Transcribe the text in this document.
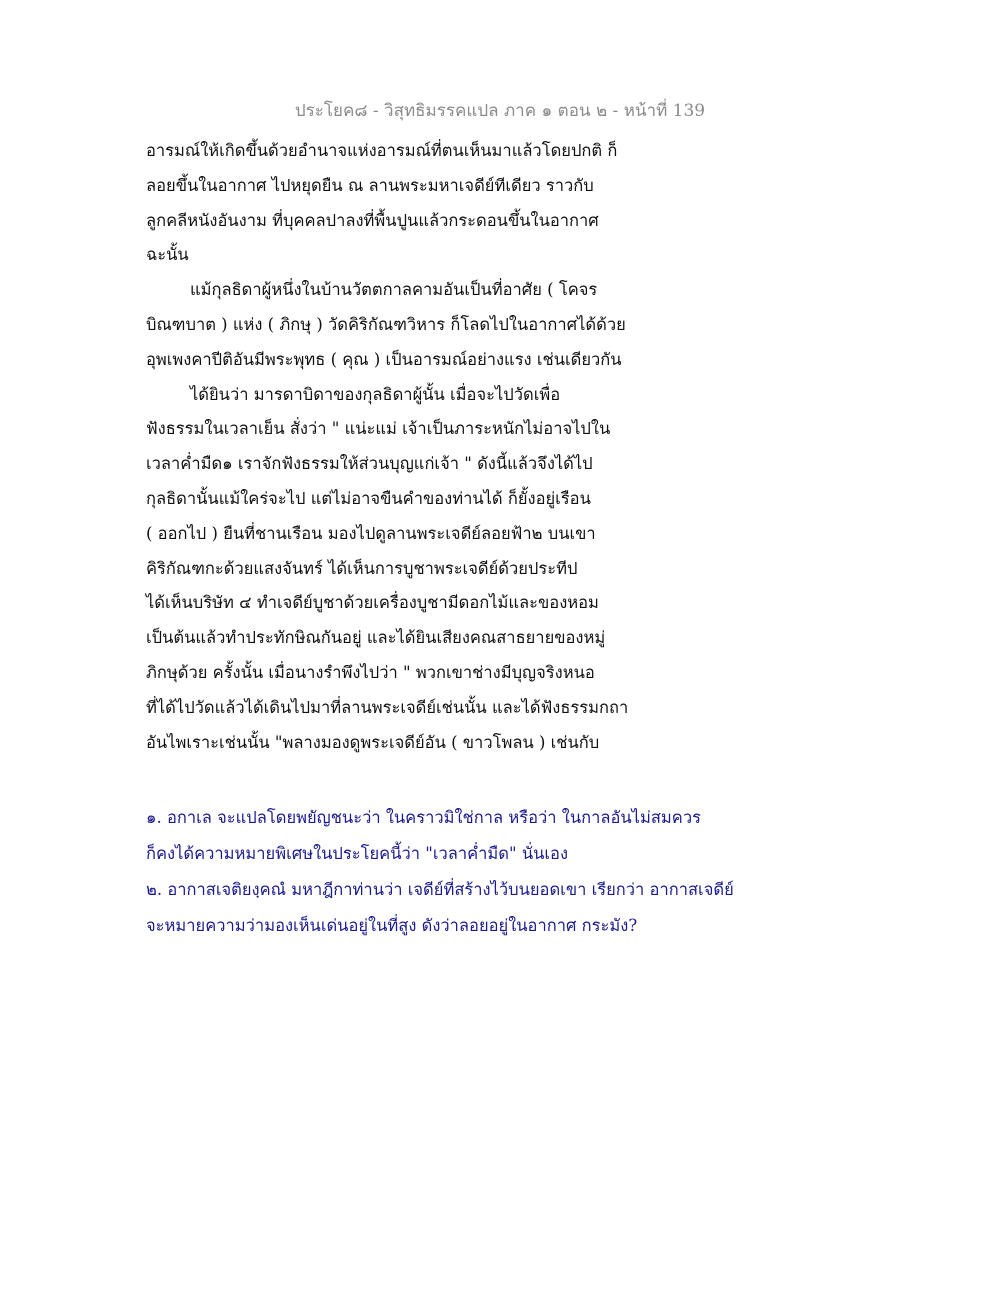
ประโยค๘ - วิสุทธิมรรคแปล ภาค ๑ ตอน ๒ - หน้าที่ 139
อารมณ์ให้เกิดขึ้นด้วยอำนาจแห่งอารมณ์ที่ตนเห็นมาแล้วโดยปกติ ก็
ลอยขึ้นในอากาศ ไปหยุดยืน ณ ลานพระมหาเจดีย์ทีเดียว ราวกับ
ลูกคลีหนังอันงาม ที่บุคคลปาลงที่พื้นปูนแล้วกระดอนขึ้นในอากาศ
ฉะนั้น
แม้กุลธิดาผู้หนึ่งในบ้านวัตตกาลคามอันเป็นที่อาศัย ( โคจร
บิณฑบาต ) แห่ง ( ภิกษุ ) วัดคิริกัณฑวิหาร ก็โลดไปในอากาศได้ด้วย
อุพเพงคาปีติอันมีพระพุทธ ( คุณ ) เป็นอารมณ์อย่างแรง เช่นเดียวกัน
ได้ยินว่า มารดาบิดาของกุลธิดาผู้นั้น เมื่อจะไปวัดเพื่อ
ฟังธรรมในเวลาเย็น สั่งว่า " แน่ะแม่ เจ้าเป็นภาระหนักไม่อาจไปใน
เวลาค่ำมืด๑ เราจักฟังธรรมให้ส่วนบุญแก่เจ้า " ดังนี้แล้วจึงได้ไป
กุลธิดานั้นแม้ใคร่จะไป แต่ไม่อาจขืนคำของท่านได้ ก็ยั้งอยู่เรือน
( ออกไป ) ยืนที่ชานเรือน มองไปดูลานพระเจดีย์ลอยฟ้า๒ บนเขา
คิริกัณฑกะด้วยแสงจันทร์ ได้เห็นการบูชาพระเจดีย์ด้วยประทีป
ได้เห็นบริษัท ๔ ทำเจดีย์บูชาด้วยเครื่องบูชามีดอกไม้และของหอม
เป็นต้นแล้วทำประทักษิณกันอยู่ และได้ยินเสียงคณสาธยายของหมู่
ภิกษุด้วย ครั้งนั้น เมื่อนางรำพึงไปว่า " พวกเขาช่างมีบุญจริงหนอ
ที่ได้ไปวัดแล้วได้เดินไปมาที่ลานพระเจดีย์เช่นนั้น และได้ฟังธรรมกถา
อันไพเราะเช่นนั้น "พลางมองดูพระเจดีย์อัน ( ขาวโพลน ) เช่นกับ
๑. อกาเล จะแปลโดยพยัญชนะว่า ในคราวมิใช่กาล หรือว่า ในกาลอันไม่สมควร
ก็คงได้ความหมายพิเศษในประโยคนี้ว่า "เวลาค่ำมืด" นั่นเอง
๒. อากาสเจติยงฺคณํ มหาฎีกาท่านว่า เจดีย์ที่สร้างไว้บนยอดเขา เรียกว่า อากาสเจดีย์
จะหมายความว่ามองเห็นเด่นอยู่ในที่สูง ดังว่าลอยอยู่ในอากาศ กระมัง?
